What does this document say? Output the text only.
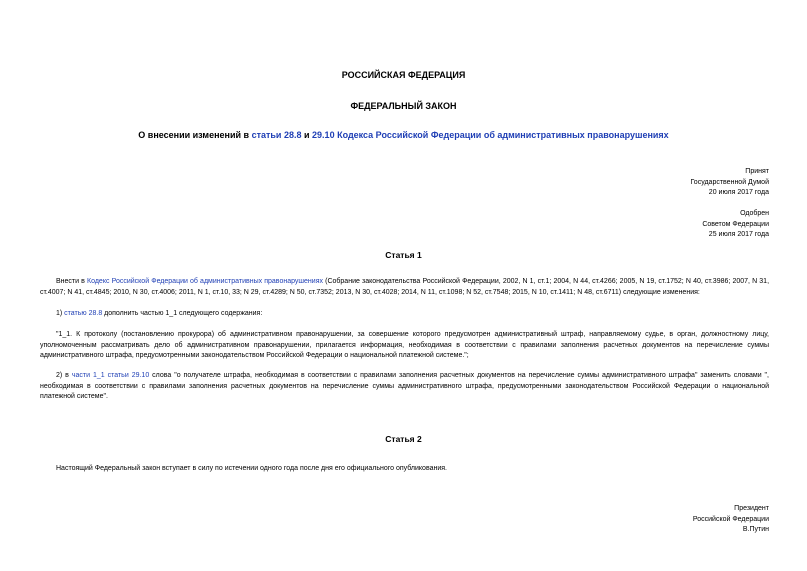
РОССИЙСКАЯ ФЕДЕРАЦИЯ
ФЕДЕРАЛЬНЫЙ ЗАКОН
О внесении изменений в статьи 28.8 и 29.10 Кодекса Российской Федерации об административных правонарушениях
Принят
Государственной Думой
20 июля 2017 года
Одобрен
Советом Федерации
25 июля 2017 года
Статья 1
Внести в Кодекс Российской Федерации об административных правонарушениях (Собрание законодательства Российской Федерации, 2002, N 1, ст.1; 2004, N 44, ст.4266; 2005, N 19, ст.1752; N 40, ст.3986; 2007, N 31, ст.4007; N 41, ст.4845; 2010, N 30, ст.4006; 2011, N 1, ст.10, 33; N 29, ст.4289; N 50, ст.7352; 2013, N 30, ст.4028; 2014, N 11, ст.1098; N 52, ст.7548; 2015, N 10, ст.1411; N 48, ст.6711) следующие изменения:
1) статью 28.8 дополнить частью 1_1 следующего содержания:
"1_1. К протоколу (постановлению прокурора) об административном правонарушении, за совершение которого предусмотрен административный штраф, направляемому судье, в орган, должностному лицу, уполномоченным рассматривать дело об административном правонарушении, прилагается информация, необходимая в соответствии с правилами заполнения расчетных документов на перечисление суммы административного штрафа, предусмотренными законодательством Российской Федерации о национальной платежной системе.";
2) в части 1_1 статьи 29.10 слова "о получателе штрафа, необходимая в соответствии с правилами заполнения расчетных документов на перечисление суммы административного штрафа" заменить словами ", необходимая в соответствии с правилами заполнения расчетных документов на перечисление суммы административного штрафа, предусмотренными законодательством Российской Федерации о национальной платежной системе".
Статья 2
Настоящий Федеральный закон вступает в силу по истечении одного года после дня его официального опубликования.
Президент
Российской Федерации
В.Путин
